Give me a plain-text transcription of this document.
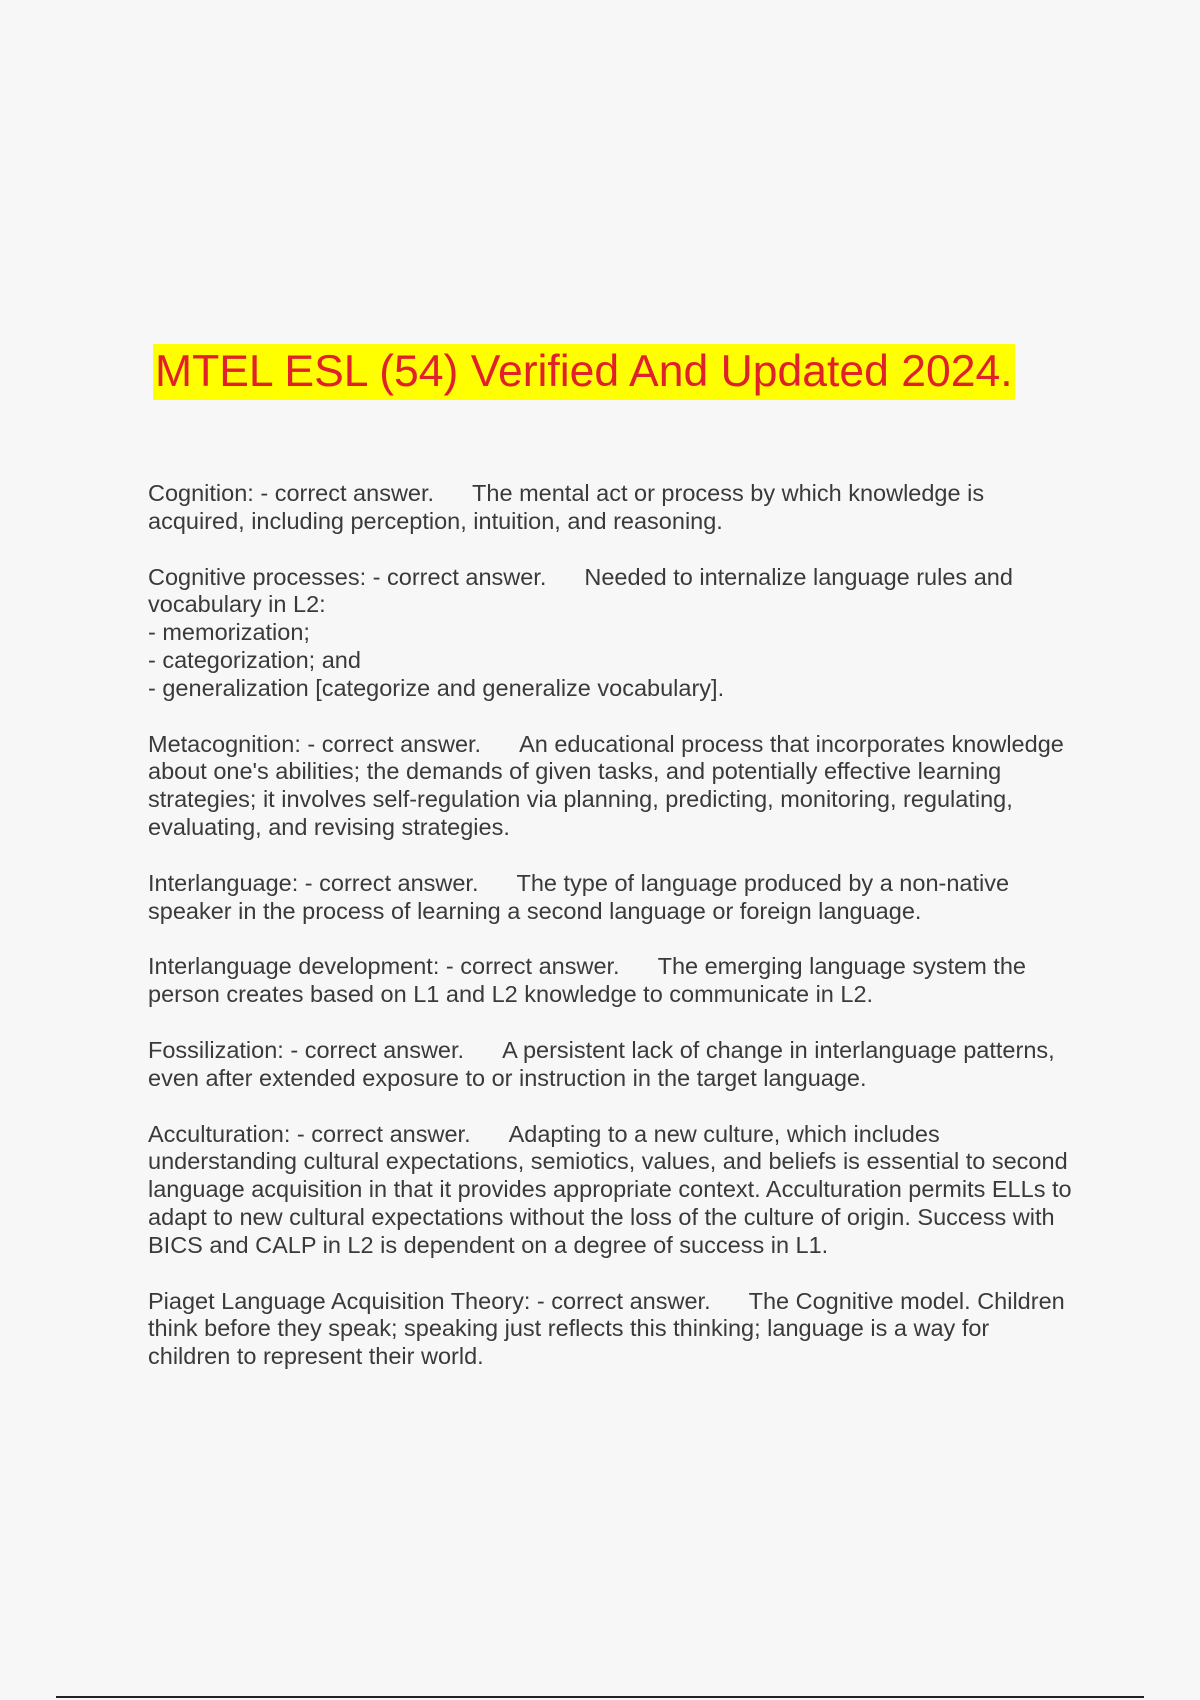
MTEL ESL (54) Verified And Updated 2024.

Cognition: - correct answer. The mental act or process by which knowledge is acquired, including perception, intuition, and reasoning.

Cognitive processes: - correct answer. Needed to internalize language rules and vocabulary in L2:
- memorization;
- categorization; and
- generalization [categorize and generalize vocabulary].

Metacognition: - correct answer. An educational process that incorporates knowledge about one's abilities; the demands of given tasks, and potentially effective learning strategies; it involves self-regulation via planning, predicting, monitoring, regulating, evaluating, and revising strategies.

Interlanguage: - correct answer. The type of language produced by a non-native speaker in the process of learning a second language or foreign language.

Interlanguage development: - correct answer. The emerging language system the person creates based on L1 and L2 knowledge to communicate in L2.

Fossilization: - correct answer. A persistent lack of change in interlanguage patterns, even after extended exposure to or instruction in the target language.

Acculturation: - correct answer. Adapting to a new culture, which includes understanding cultural expectations, semiotics, values, and beliefs is essential to second language acquisition in that it provides appropriate context. Acculturation permits ELLs to adapt to new cultural expectations without the loss of the culture of origin. Success with BICS and CALP in L2 is dependent on a degree of success in L1.

Piaget Language Acquisition Theory: - correct answer. The Cognitive model. Children think before they speak; speaking just reflects this thinking; language is a way for children to represent their world.
